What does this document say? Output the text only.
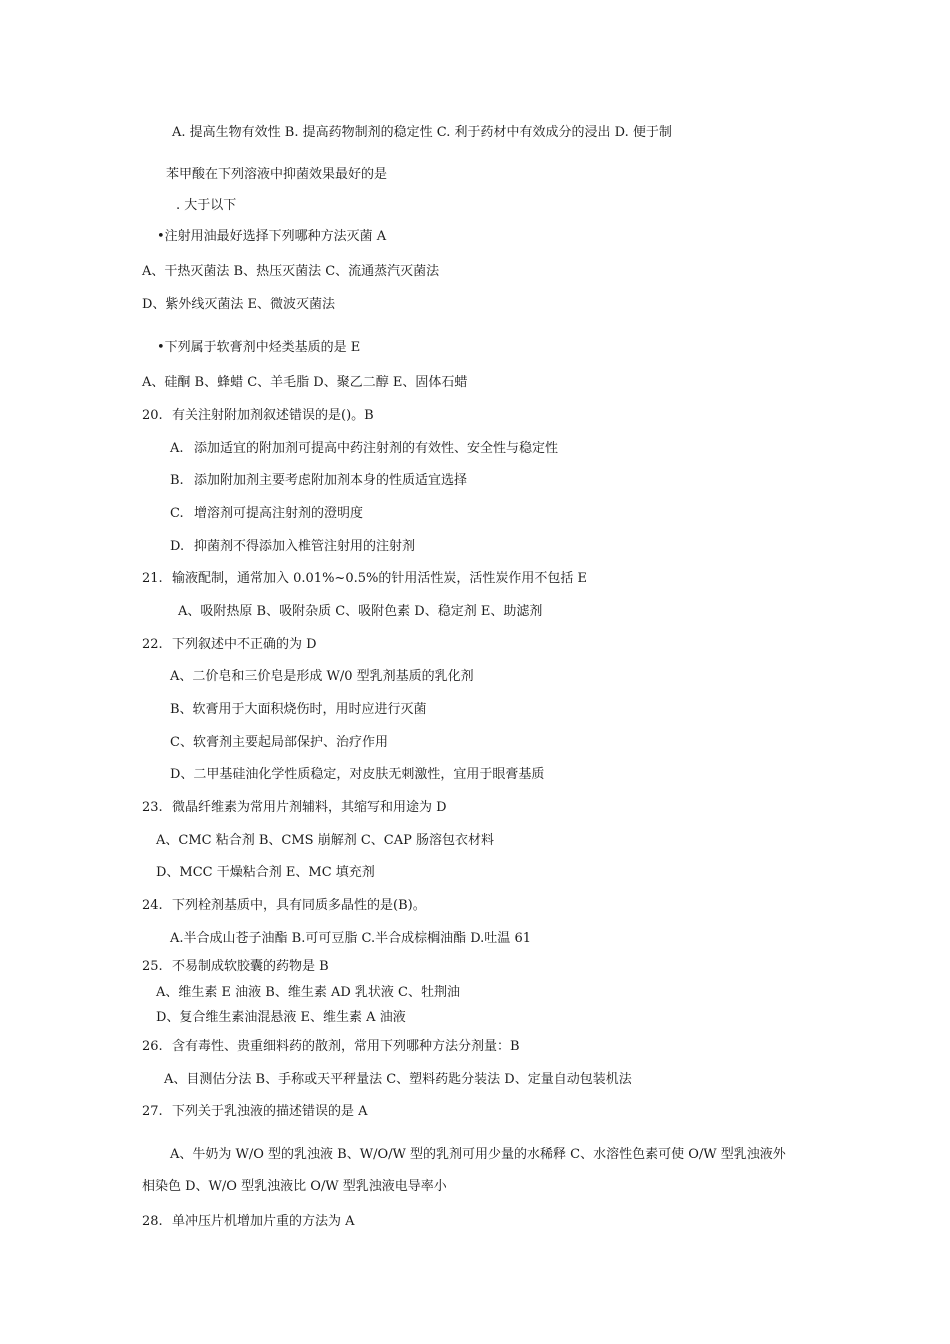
A. 提高生物有效性 B. 提高药物制剂的稳定性 C. 利于药材中有效成分的浸出 D. 便于制
苯甲酸在下列溶液中抑菌效果最好的是
. 大于以下
•注射用油最好选择下列哪种方法灭菌 A
A、干热灭菌法 B、热压灭菌法 C、流通蒸汽灭菌法
D、紫外线灭菌法 E、微波灭菌法
•下列属于软膏剂中烃类基质的是 E
A、硅酮 B、蜂蜡 C、羊毛脂 D、聚乙二醇 E、固体石蜡
20. 有关注射附加剂叙述错误的是()。B
A. 添加适宜的附加剂可提高中药注射剂的有效性、安全性与稳定性
B. 添加附加剂主要考虑附加剂本身的性质适宜选择
C. 增溶剂可提高注射剂的澄明度
D. 抑菌剂不得添加入椎管注射用的注射剂
21. 输液配制，通常加入 0.01%~0.5%的针用活性炭，活性炭作用不包括 E
A、吸附热原 B、吸附杂质 C、吸附色素 D、稳定剂 E、助滤剂
22. 下列叙述中不正确的为 D
A、二价皂和三价皂是形成 W/0 型乳剂基质的乳化剂
B、软膏用于大面积烧伤时，用时应进行灭菌
C、软膏剂主要起局部保护、治疗作用
D、二甲基硅油化学性质稳定，对皮肤无刺激性，宜用于眼膏基质
23. 微晶纤维素为常用片剂辅料，其缩写和用途为 D
A、CMC 粘合剂 B、CMS 崩解剂 C、CAP 肠溶包衣材料
D、MCC 干燥粘合剂 E、MC 填充剂
24. 下列栓剂基质中，具有同质多晶性的是(B)。
A.半合成山苍子油酯 B.可可豆脂 C.半合成棕榈油酯 D.吐温 61
25. 不易制成软胶囊的药物是 B
A、维生素 E 油液 B、维生素 AD 乳状液 C、牡荆油
D、复合维生素油混悬液 E、维生素 A 油液
26. 含有毒性、贵重细料药的散剂，常用下列哪种方法分剂量：B
A、目测估分法 B、手称或天平秤量法 C、塑料药匙分装法 D、定量自动包装机法
27. 下列关于乳浊液的描述错误的是 A
A、牛奶为 W/O 型的乳浊液 B、W/O/W 型的乳剂可用少量的水稀释 C、水溶性色素可使 O/W 型乳浊液外
相染色 D、W/O 型乳浊液比 O/W 型乳浊液电导率小
28. 单冲压片机增加片重的方法为 A
